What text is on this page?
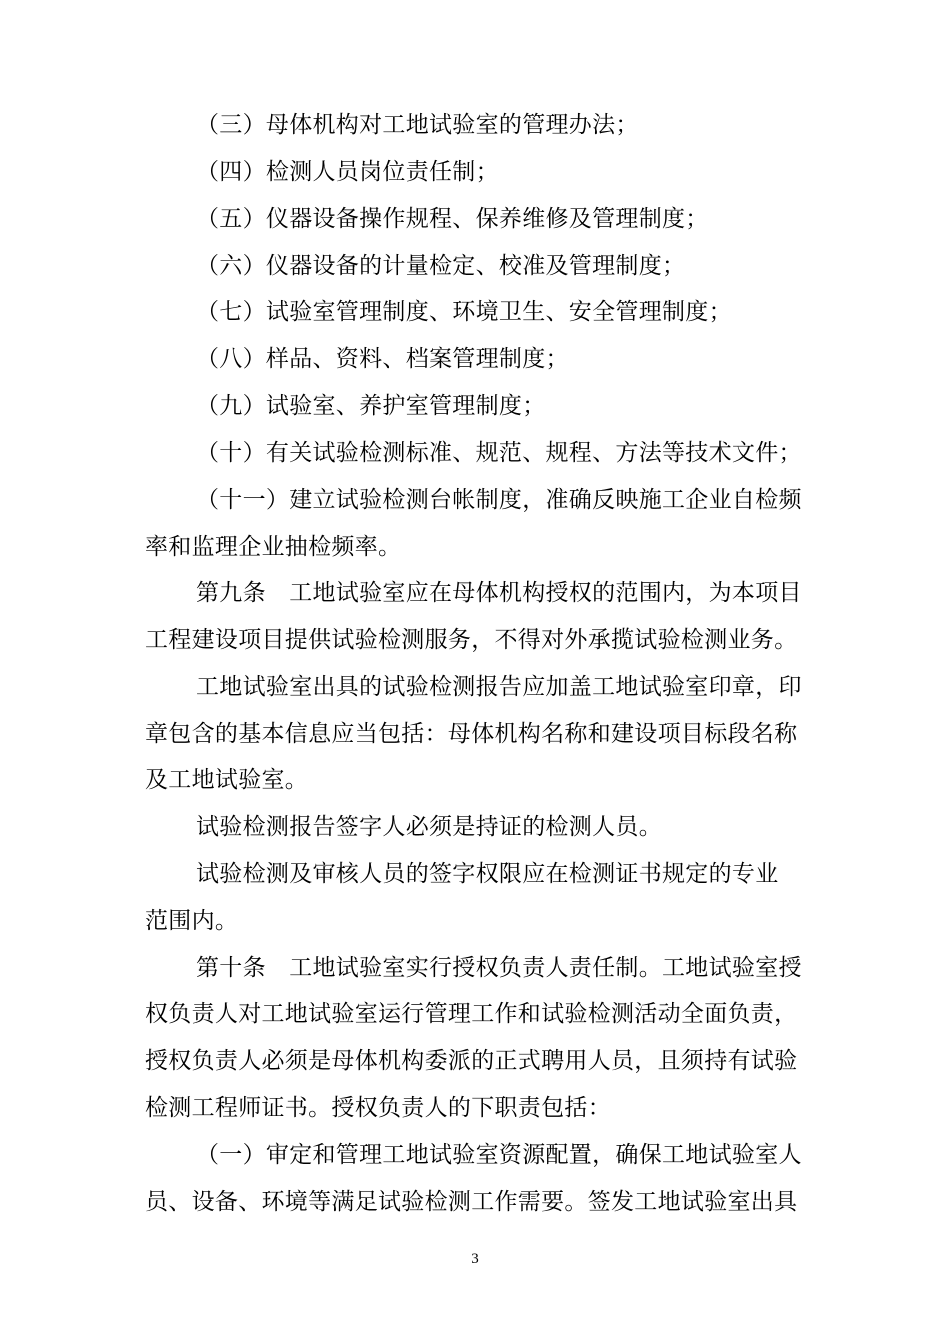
（三）母体机构对工地试验室的管理办法；
（四）检测人员岗位责任制；
（五）仪器设备操作规程、保养维修及管理制度；
（六）仪器设备的计量检定、校准及管理制度；
（七）试验室管理制度、环境卫生、安全管理制度；
（八）样品、资料、档案管理制度；
（九）试验室、养护室管理制度；
（十）有关试验检测标准、规范、规程、方法等技术文件；
（十一）建立试验检测台帐制度，准确反映施工企业自检频
率和监理企业抽检频率。
第九条　工地试验室应在母体机构授权的范围内，为本项目
工程建设项目提供试验检测服务，不得对外承揽试验检测业务。
工地试验室出具的试验检测报告应加盖工地试验室印章，印
章包含的基本信息应当包括：母体机构名称和建设项目标段名称
及工地试验室。
试验检测报告签字人必须是持证的检测人员。
试验检测及审核人员的签字权限应在检测证书规定的专业
范围内。
第十条　工地试验室实行授权负责人责任制。工地试验室授
权负责人对工地试验室运行管理工作和试验检测活动全面负责，
授权负责人必须是母体机构委派的正式聘用人员，且须持有试验
检测工程师证书。授权负责人的下职责包括：
（一）审定和管理工地试验室资源配置，确保工地试验室人
员、设备、环境等满足试验检测工作需要。签发工地试验室出具
3
